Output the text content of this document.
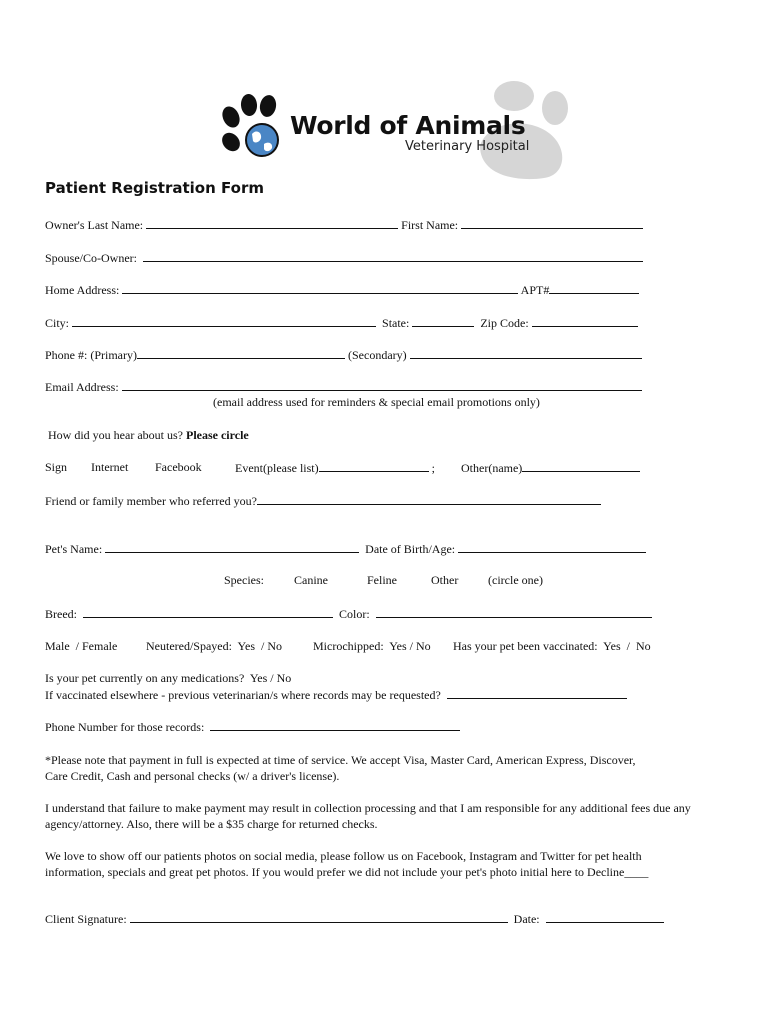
World of Animals
Veterinary Hospital
Patient Registration Form
Owner's Last Name:	First Name:
Spouse/Co-Owner:
Home Address:	APT#
City:	State:	Zip Code:
Phone #: (Primary)	(Secondary)
Email Address:
(email address used for reminders & special email promotions only)
How did you hear about us? Please circle
Sign Internet Facebook	Event(please list)	; Other(name)
Friend or family member who referred you?
Pet's Name:	Date of Birth/Age:
Species:	Canine	Feline	Other (circle one)
Breed:	Color:
Male  / Female Neutered/Spayed:  Yes  / No	Microchipped:  Yes / No Has your pet been vaccinated:  Yes  /  No
Is your pet currently on any medications?  Yes / No
If vaccinated elsewhere - previous veterinarian/s where records may be requested?
Phone Number for those records:
*Please note that payment in full is expected at time of service. We accept Visa, Master Card, American Express, Discover,
Care Credit, Cash and personal checks (w/ a driver's license).
I understand that failure to make payment may result in collection processing and that I am responsible for any additional fees due any
agency/attorney. Also, there will be a $35 charge for returned checks.
We love to show off our patients photos on social media, please follow us on Facebook, Instagram and Twitter for pet health
information, specials and great pet photos. If you would prefer we did not include your pet's photo initial here to Decline____
Client Signature:	Date:
